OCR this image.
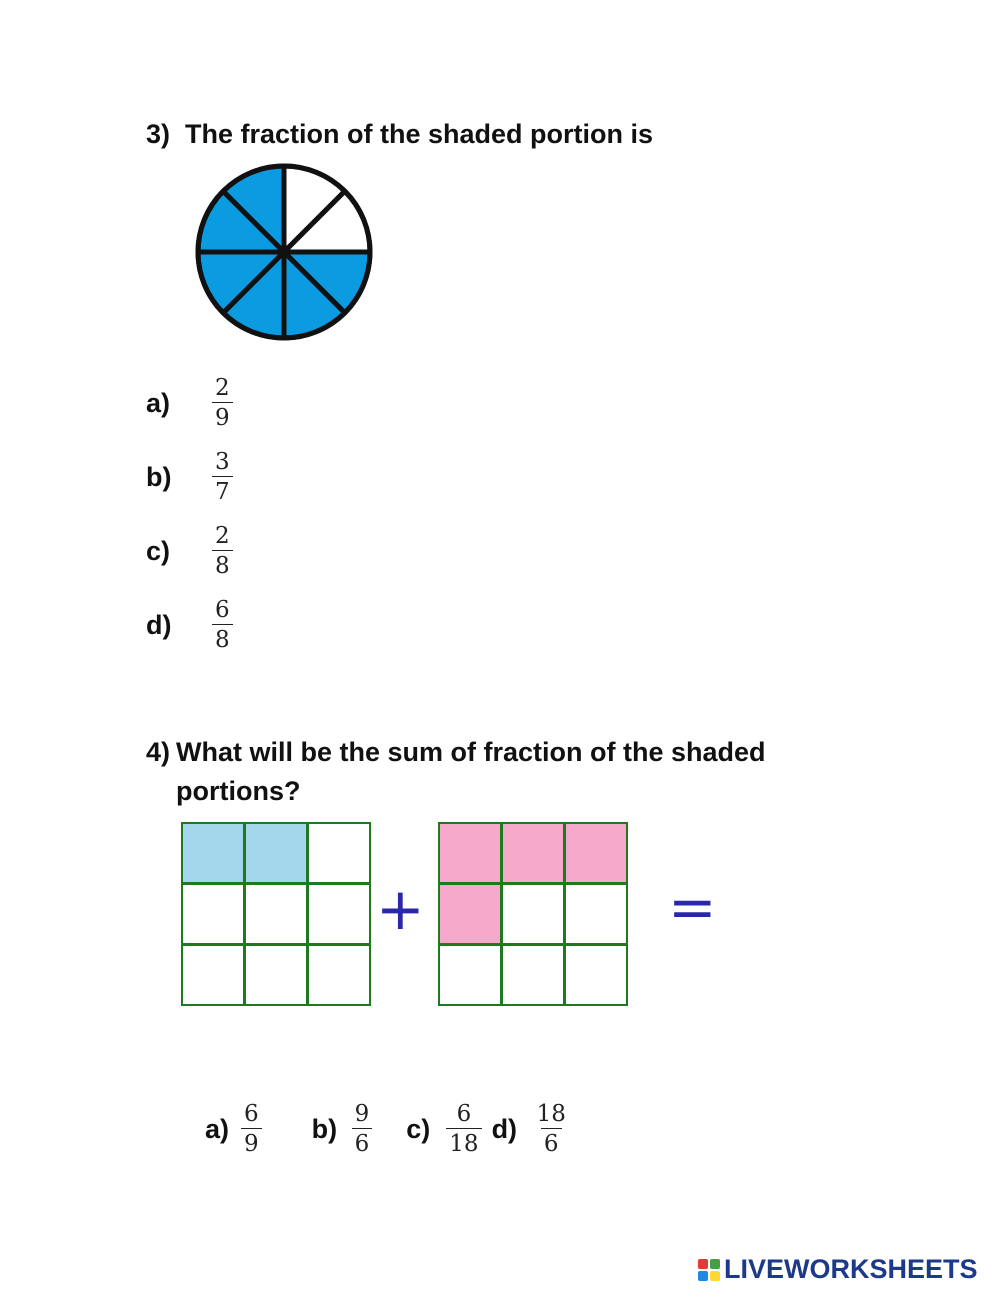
3) The fraction of the shaded portion is
a)	$\frac{2}{9}$
b)	$\frac{3}{7}$
c)	$\frac{2}{8}$
d)	$\frac{6}{8}$
4) What will be the sum of fraction of the shaded
portions?
+	=
$a) \frac{6}{9} b) \frac{9}{6} c) \frac{6}{18} d) \frac{18}{6}$
LIVEWORKSHEETS
